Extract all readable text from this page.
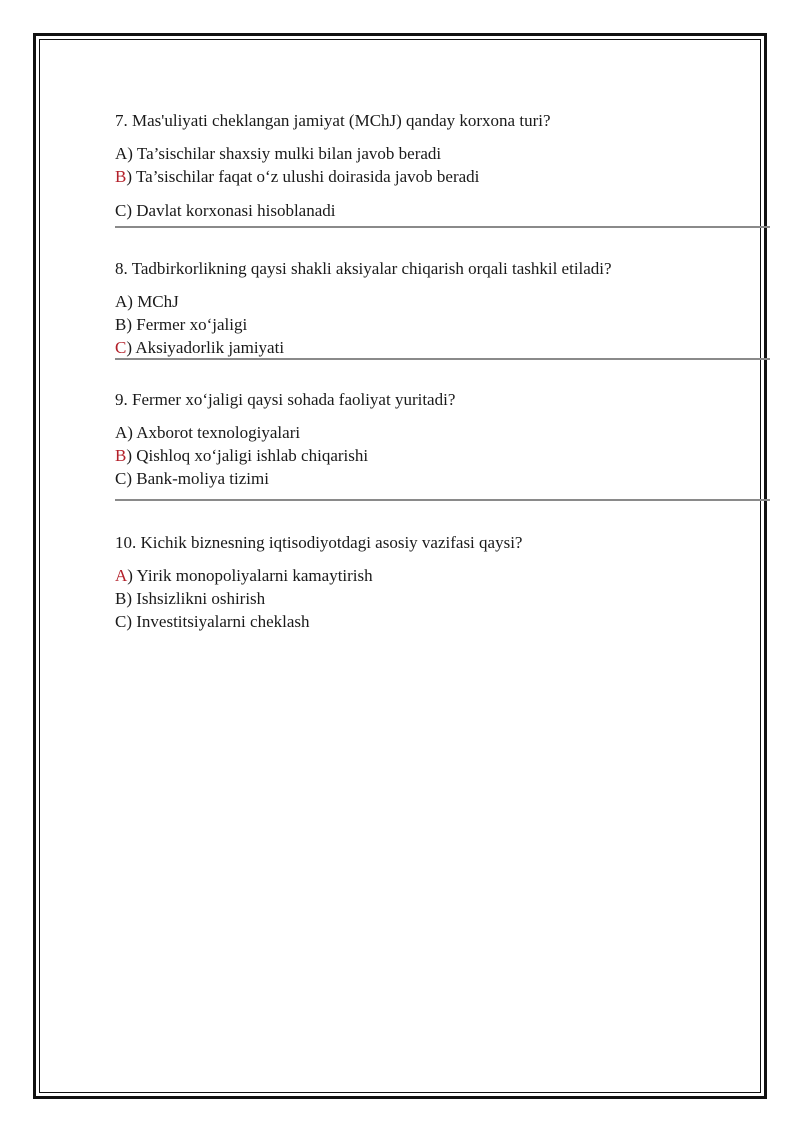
7. Mas'uliyati cheklangan jamiyat (MChJ) qanday korxona turi?

A) Ta’sischilar shaxsiy mulki bilan javob beradi

B) Ta’sischilar faqat o‘z ulushi doirasida javob beradi

C) Davlat korxonasi hisoblanadi

8. Tadbirkorlikning qaysi shakli aksiyalar chiqarish orqali tashkil etiladi?

A) MChJ

B) Fermer xo‘jaligi

C) Aksiyadorlik jamiyati

9. Fermer xo‘jaligi qaysi sohada faoliyat yuritadi?

A) Axborot texnologiyalari

B) Qishloq xo‘jaligi ishlab chiqarishi

C) Bank-moliya tizimi

10. Kichik biznesning iqtisodiyotdagi asosiy vazifasi qaysi?

A) Yirik monopoliyalarni kamaytirish

B) Ishsizlikni oshirish

C) Investitsiyalarni cheklash
